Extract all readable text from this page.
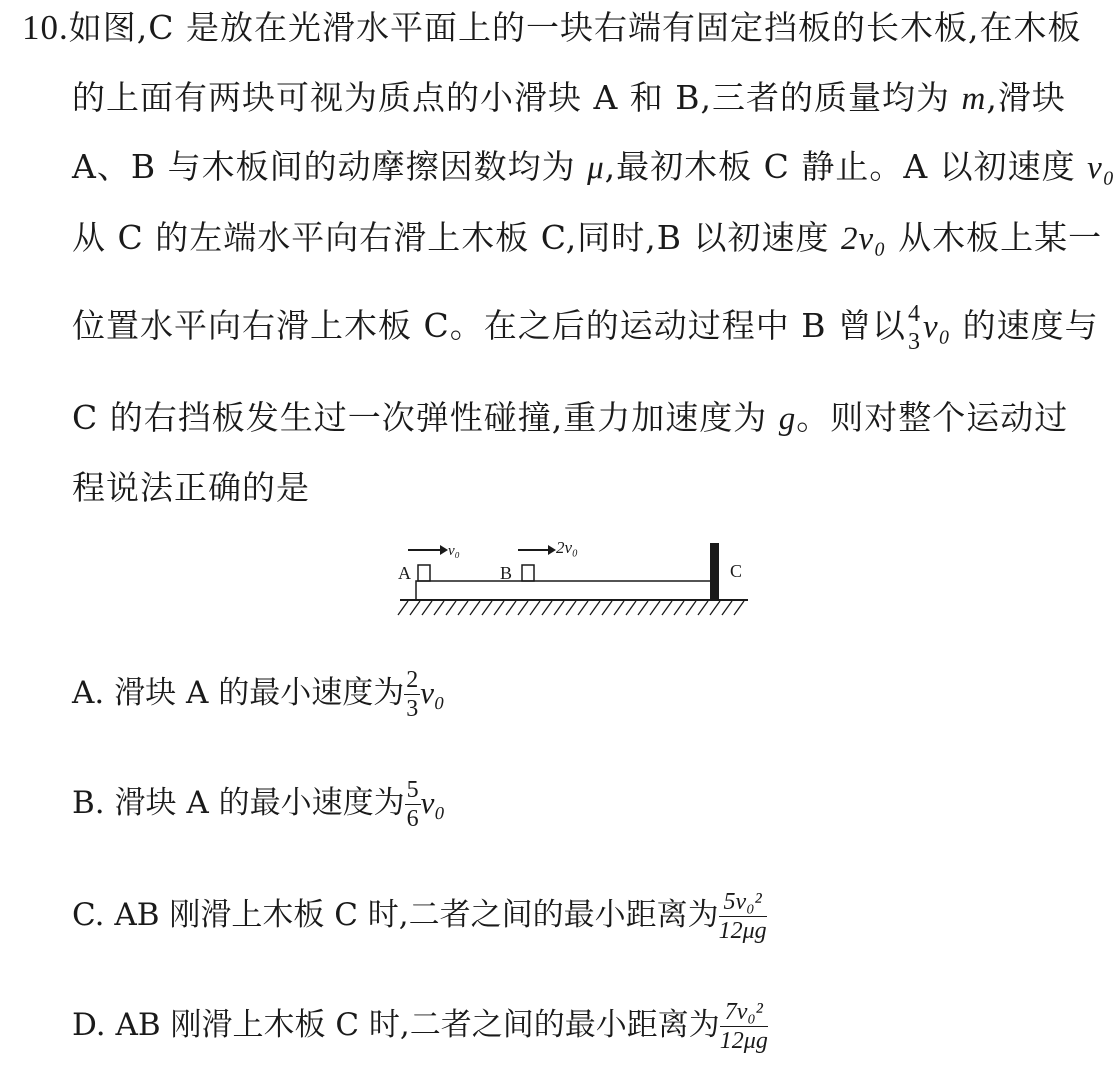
10.如图,C 是放在光滑水平面上的一块右端有固定挡板的长木板,在木板
的上面有两块可视为质点的小滑块 A 和 B,三者的质量均为 m,滑块
A、B 与木板间的动摩擦因数均为 μ,最初木板 C 静止。A 以初速度 v₀
从 C 的左端水平向右滑上木板 C,同时,B 以初速度 2v₀ 从木板上某一
位置水平向右滑上木板 C。在之后的运动过程中 B 曾以 4
3 v₀ 的速度与
C 的右挡板发生过一次弹性碰撞,重力加速度为 g。则对整个运动过
程说法正确的是
A	B	C
v₀	2v₀
A. 滑块 A 的最小速度为 $\frac{2}{3} v_0$
B. 滑块 A 的最小速度为 $\frac{5}{6} v_0$
C. AB 刚滑上木板 C 时,二者之间的最小距离为 $\frac{\text{5v₀²}}{12\mu g}$
D. AB 刚滑上木板 C 时,二者之间的最小距离为 $\frac{\text{7v₀²}}{12\mu g}$
